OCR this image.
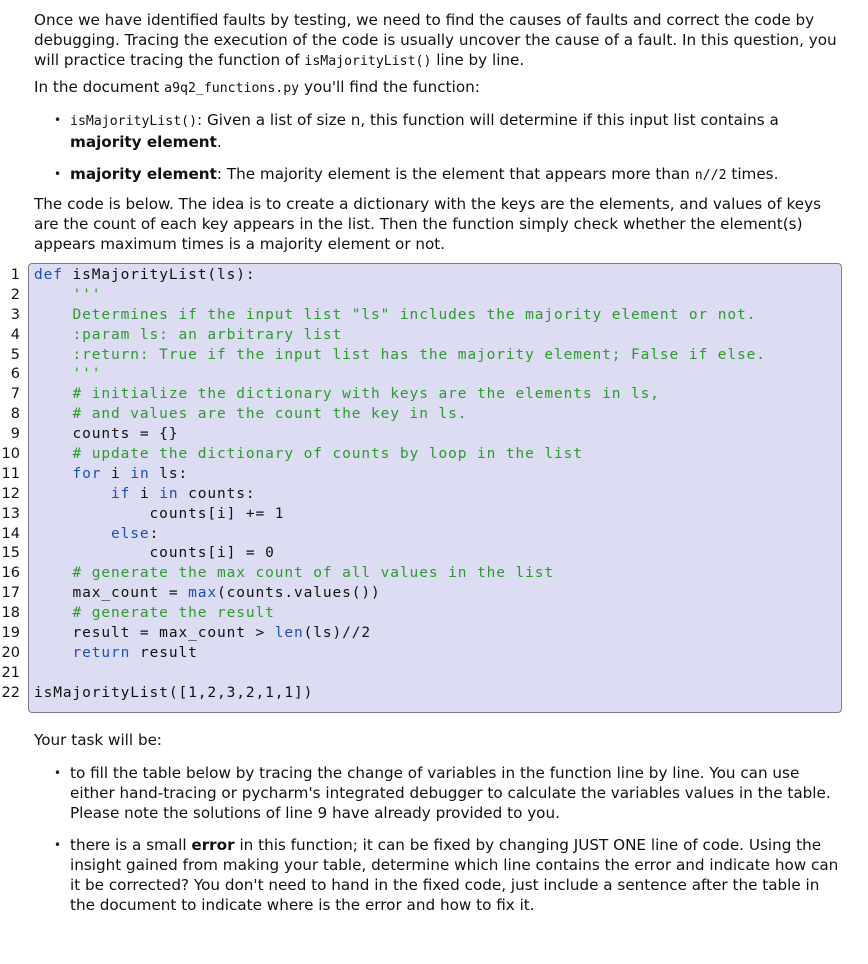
Once we have identified faults by testing, we need to find the causes of faults and correct the code by debugging. Tracing the execution of the code is usually uncover the cause of a fault. In this question, you will practice tracing the function of isMajorityList() line by line.

In the document a9q2_functions.py you'll find the function:

• isMajorityList(): Given a list of size n, this function will determine if this input list contains a majority element.
• majority element: The majority element is the element that appears more than n//2 times.

The code is below. The idea is to create a dictionary with the keys are the elements, and values of keys are the count of each key appears in the list. Then the function simply check whether the element(s) appears maximum times is a majority element or not.

1
2
3
4
5
6
7
8
9
10
11
12
13
14
15
16
17
18
19
20
21
22
def isMajorityList(ls):
'''
Determines if the input list "ls" includes the majority element or not.
:param ls: an arbitrary list
:return: True if the input list has the majority element; False if else.
'''
# initialize the dictionary with keys are the elements in ls,
# and values are the count the key in ls.
counts = {}
# update the dictionary of counts by loop in the list
for i in ls:
if i in counts:
counts[i] += 1
else:
counts[i] = 0
# generate the max count of all values in the list
max_count = max(counts.values())
# generate the result
result = max_count > len(ls)//2
return result
isMajorityList([1,2,3,2,1,1])

Your task will be:

• to fill the table below by tracing the change of variables in the function line by line. You can use either hand-tracing or pycharm's integrated debugger to calculate the variables values in the table. Please note the solutions of line 9 have already provided to you.
• there is a small error in this function; it can be fixed by changing JUST ONE line of code. Using the insight gained from making your table, determine which line contains the error and indicate how can it be corrected? You don't need to hand in the fixed code, just include a sentence after the table in the document to indicate where is the error and how to fix it.
